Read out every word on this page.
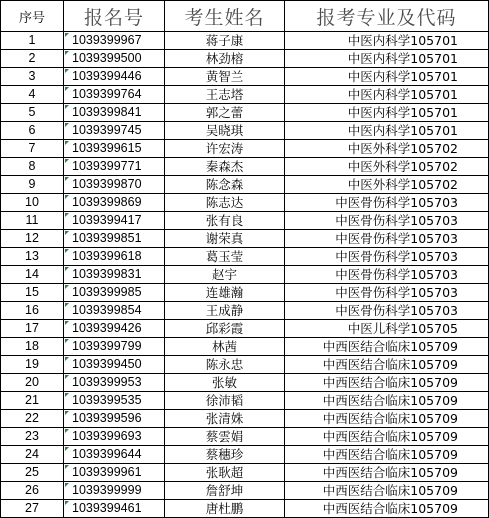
序号	报名号	考生姓名	报考专业及代码
1	1039399967	蒋子康	中医内科学105701
2	1039399500	林劲榕	中医内科学105701
3	1039399446	黄智兰	中医内科学105701
4	1039399764	王志塔	中医内科学105701
5	1039399841	郭之蕾	中医内科学105701
6	1039399745	吴晓琪	中医内科学105701
7	1039399615	许宏涛	中医外科学105702
8	1039399771	秦森杰	中医外科学105702
9	1039399870	陈念森	中医外科学105702
10	1039399869	陈志达	中医骨伤科学105703
11	1039399417	张有良	中医骨伤科学105703
12	1039399851	谢荣真	中医骨伤科学105703
13	1039399618	葛玉莹	中医骨伤科学105703
14	1039399831	赵宇	中医骨伤科学105703
15	1039399985	连雄瀚	中医骨伤科学105703
16	1039399854	王成静	中医骨伤科学105703
17	1039399426	邱彩霞	中医儿科学105705
18	1039399799	林茜	中西医结合临床105709
19	1039399450	陈永忠	中西医结合临床105709
20	1039399953	张敏	中西医结合临床105709
21	1039399535	徐沛韬	中西医结合临床105709
22	1039399596	张清姝	中西医结合临床105709
23	1039399693	蔡雲娟	中西医结合临床105709
24	1039399644	蔡穗珍	中西医结合临床105709
25	1039399961	张耿超	中西医结合临床105709
26	1039399999	詹舒坤	中西医结合临床105709
27	1039399461	唐杜鹏	中西医结合临床105709
